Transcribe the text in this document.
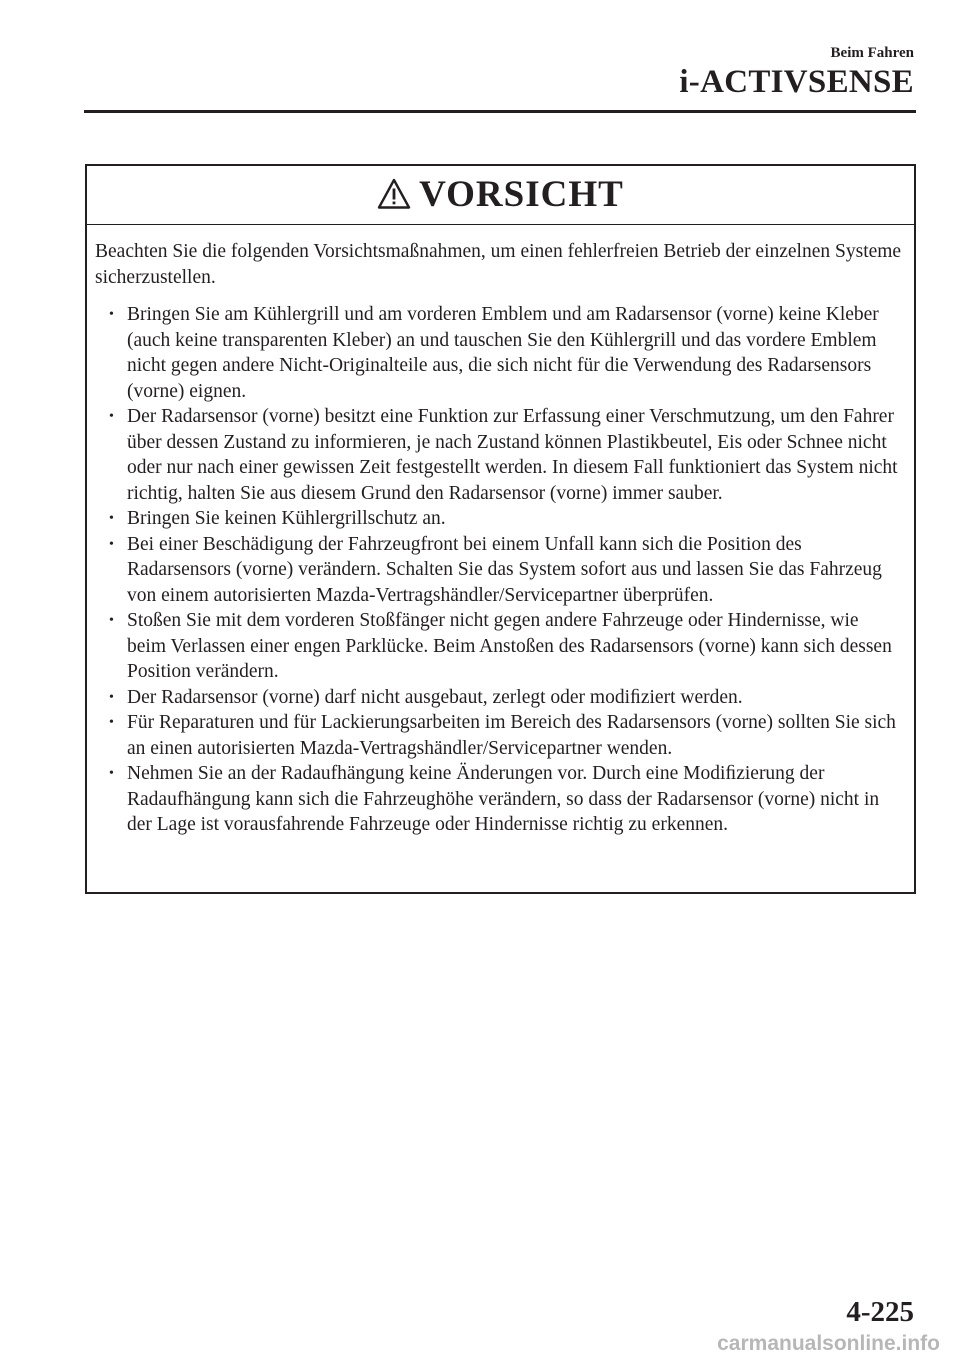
Beim Fahren
i-ACTIVSENSE
VORSICHT

Beachten Sie die folgenden Vorsichtsmaßnahmen, um einen fehlerfreien Betrieb der einzelnen Systeme sicherzustellen.

• Bringen Sie am Kühlergrill und am vorderen Emblem und am Radarsensor (vorne) keine Kleber (auch keine transparenten Kleber) an und tauschen Sie den Kühlergrill und das vordere Emblem nicht gegen andere Nicht-Originalteile aus, die sich nicht für die Verwendung des Radarsensors (vorne) eignen.
• Der Radarsensor (vorne) besitzt eine Funktion zur Erfassung einer Verschmutzung, um den Fahrer über dessen Zustand zu informieren, je nach Zustand können Plastikbeutel, Eis oder Schnee nicht oder nur nach einer gewissen Zeit festgestellt werden. In diesem Fall funktioniert das System nicht richtig, halten Sie aus diesem Grund den Radarsensor (vorne) immer sauber.
• Bringen Sie keinen Kühlergrillschutz an.
• Bei einer Beschädigung der Fahrzeugfront bei einem Unfall kann sich die Position des Radarsensors (vorne) verändern. Schalten Sie das System sofort aus und lassen Sie das Fahrzeug von einem autorisierten Mazda-Vertragshändler/Servicepartner überprüfen.
• Stoßen Sie mit dem vorderen Stoßfänger nicht gegen andere Fahrzeuge oder Hindernisse, wie beim Verlassen einer engen Parklücke. Beim Anstoßen des Radarsensors (vorne) kann sich dessen Position verändern.
• Der Radarsensor (vorne) darf nicht ausgebaut, zerlegt oder modiﬁziert werden.
• Für Reparaturen und für Lackierungsarbeiten im Bereich des Radarsensors (vorne) sollten Sie sich an einen autorisierten Mazda-Vertragshändler/Servicepartner wenden.
• Nehmen Sie an der Radaufhängung keine Änderungen vor. Durch eine Modiﬁzierung der Radaufhängung kann sich die Fahrzeughöhe verändern, so dass der Radarsensor (vorne) nicht in der Lage ist vorausfahrende Fahrzeuge oder Hindernisse richtig zu erkennen.
4-225
carmanualsonline.info
